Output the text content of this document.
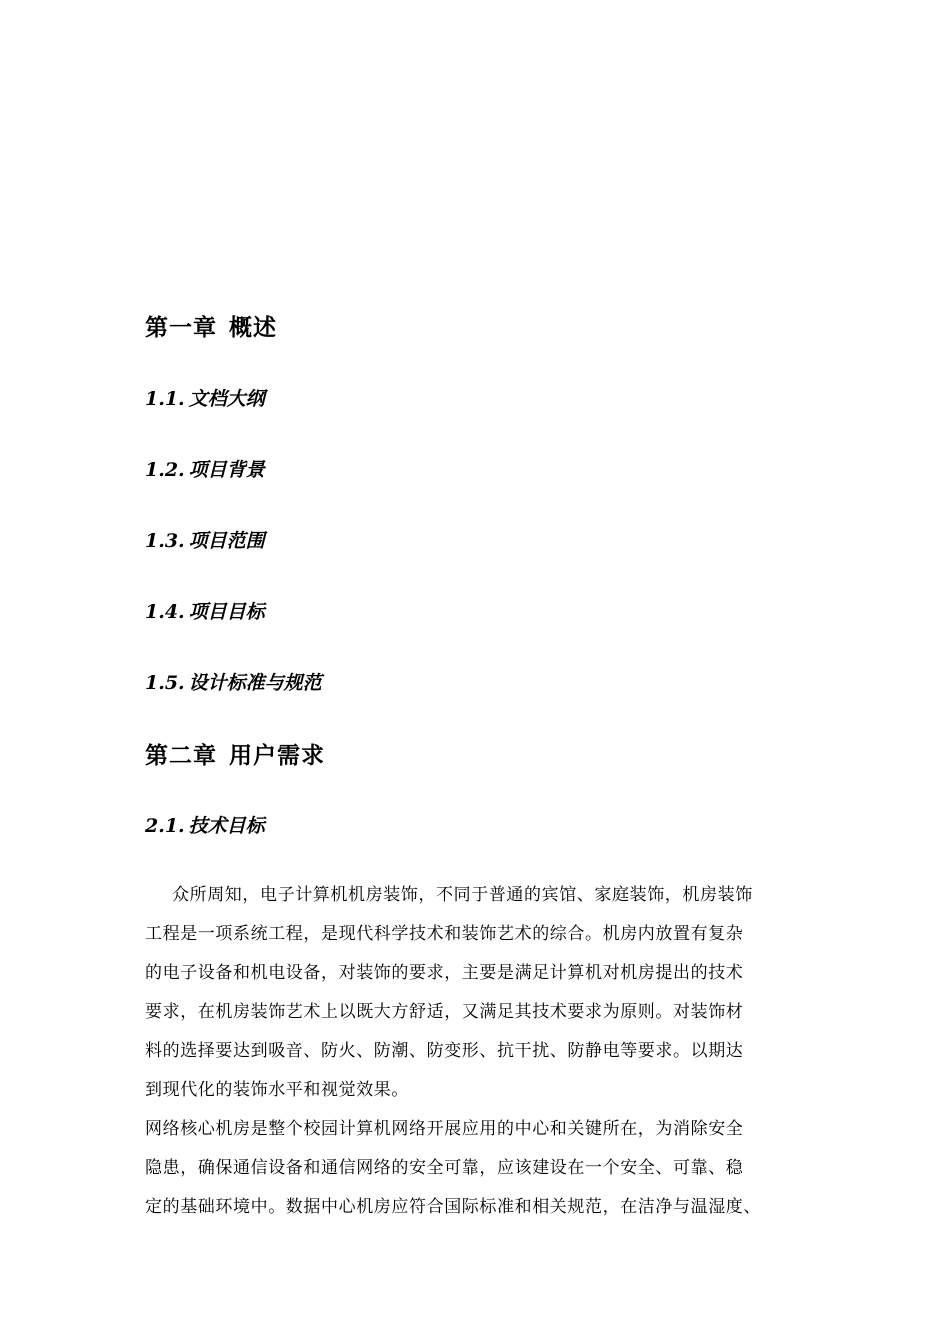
第一章 概述
1.1. 文档大纲
1.2. 项目背景
1.3. 项目范围
1.4. 项目目标
1.5. 设计标准与规范
第二章 用户需求
2.1. 技术目标
众所周知，电子计算机机房装饰，不同于普通的宾馆、家庭装饰，机房装饰
工程是一项系统工程，是现代科学技术和装饰艺术的综合。机房内放置有复杂
的电子设备和机电设备，对装饰的要求，主要是满足计算机对机房提出的技术
要求，在机房装饰艺术上以既大方舒适，又满足其技术要求为原则。对装饰材
料的选择要达到吸音、防火、防潮、防变形、抗干扰、防静电等要求。以期达
到现代化的装饰水平和视觉效果。
网络核心机房是整个校园计算机网络开展应用的中心和关键所在，为消除安全
隐患，确保通信设备和通信网络的安全可靠，应该建设在一个安全、可靠、稳
定的基础环境中。数据中心机房应符合国际标准和相关规范，在洁净与温湿度、
